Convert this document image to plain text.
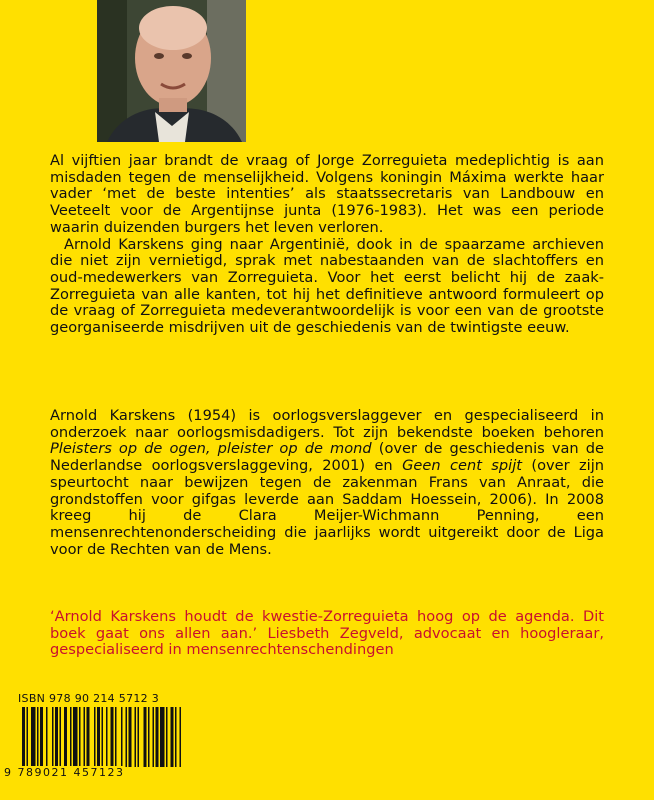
Al vijftien jaar brandt de vraag of Jorge Zorreguieta medeplichtig is aan misdaden tegen de menselijkheid. Volgens koningin Máxima werkte haar vader ‘met de beste intenties’ als staatssecretaris van Landbouw en Veeteelt voor de Argentijnse junta (1976-1983). Het was een periode waarin duizenden burgers het leven verloren.

Arnold Karskens ging naar Argentinië, dook in de spaarzame archieven die niet zijn vernietigd, sprak met nabestaanden van de slachtoffers en oud-medewerkers van Zorreguieta. Voor het eerst belicht hij de zaak-Zorreguieta van alle kanten, tot hij het definitieve antwoord formuleert op de vraag of Zorreguieta medeverantwoordelijk is voor een van de grootste georganiseerde misdrijven uit de geschiedenis van de twintigste eeuw.

Arnold Karskens (1954) is oorlogsverslaggever en gespecialiseerd in onderzoek naar oorlogsmisdadigers. Tot zijn bekendste boeken behoren Pleisters op de ogen, pleister op de mond (over de geschiedenis van de Nederlandse oorlogsverslaggeving, 2001) en Geen cent spijt (over zijn speurtocht naar bewijzen tegen de zakenman Frans van Anraat, die grondstoffen voor gifgas leverde aan Saddam Hoessein, 2006). In 2008 kreeg hij de Clara Meijer-Wichmann Penning, een mensenrechtenonderscheiding die jaarlijks wordt uitgereikt door de Liga voor de Rechten van de Mens.

‘Arnold Karskens houdt de kwestie-Zorreguieta hoog op de agenda. Dit boek gaat ons allen aan.’ Liesbeth Zegveld, advocaat en hoogleraar, gespecialiseerd in mensenrechtenschendingen

ISBN 978 90 214 5712 3
9 789021 457123
